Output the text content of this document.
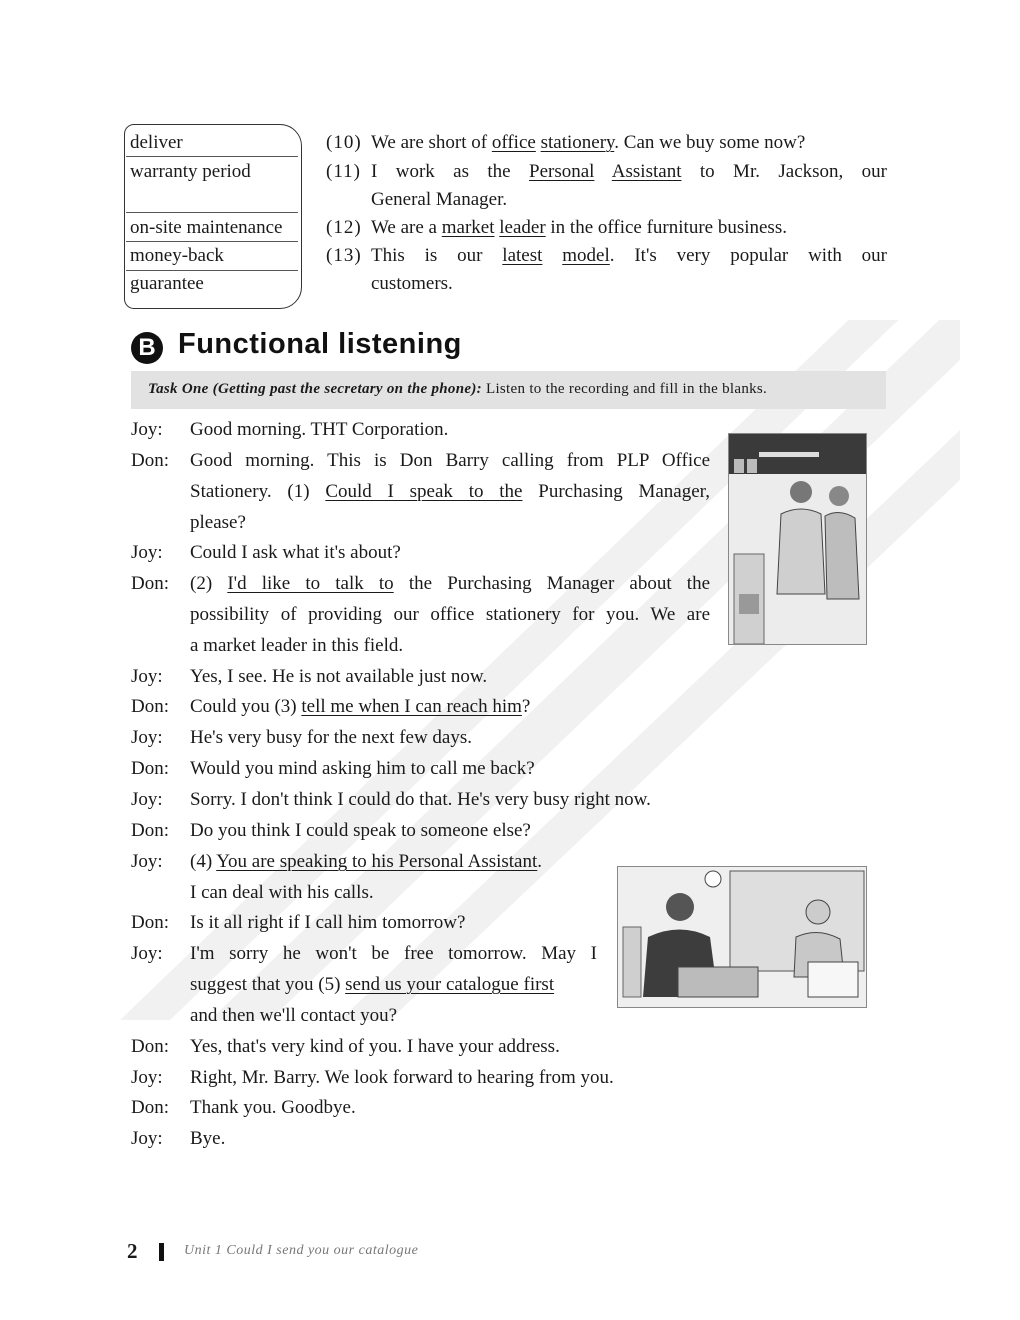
deliver
warranty period
on-site maintenance
money-back
guarantee
(10) We are short of office stationery. Can we buy some now?
(11) I work as the Personal Assistant to Mr. Jackson, our
General Manager.
(12) We are a market leader in the office furniture business.
(13) This is our latest model. It's very popular with our
customers.
B Functional listening
Task One (Getting past the secretary on the phone): Listen to the recording and fill in the blanks.
Joy: Good morning. THT Corporation.
Don: Good morning. This is Don Barry calling from PLP Office
Stationery. (1) Could I speak to the Purchasing Manager,
please?
Joy: Could I ask what it's about?
Don: (2) I'd like to talk to the Purchasing Manager about the
possibility of providing our office stationery for you. We are
a market leader in this field.
Joy: Yes, I see. He is not available just now.
Don: Could you (3) tell me when I can reach him?
Joy: He's very busy for the next few days.
Don: Would you mind asking him to call me back?
Joy: Sorry. I don't think I could do that. He's very busy right now.
Don: Do you think I could speak to someone else?
Joy: (4) You are speaking to his Personal Assistant.
I can deal with his calls.
Don: Is it all right if I call him tomorrow?
Joy: I'm sorry he won't be free tomorrow. May I
suggest that you (5) send us your catalogue first
and then we'll contact you?
Don: Yes, that's very kind of you. I have your address.
Joy: Right, Mr. Barry. We look forward to hearing from you.
Don: Thank you. Goodbye.
Joy: Bye.
2	Unit 1 Could I send you our catalogue
